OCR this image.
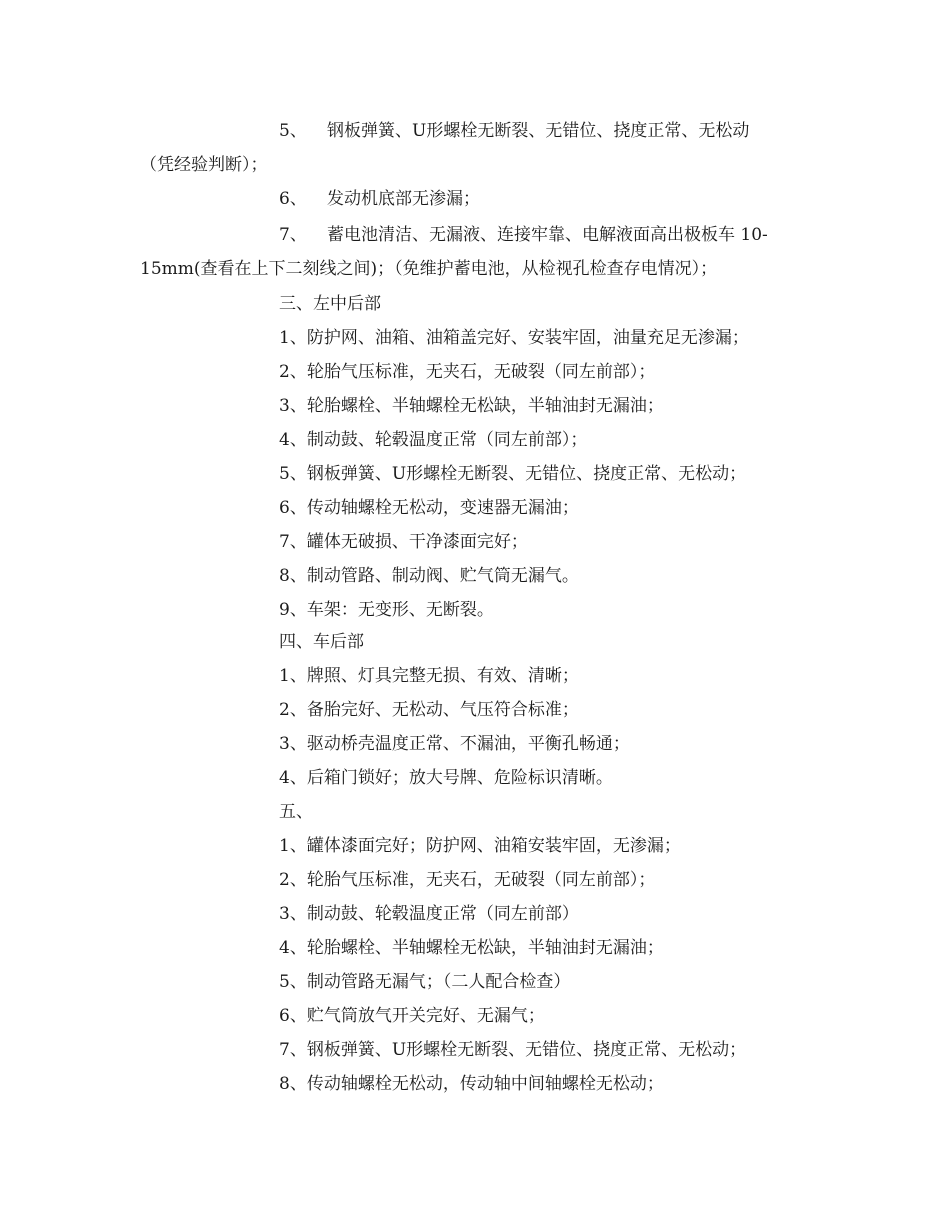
5、 钢板弹簧、U形螺栓无断裂、无错位、挠度正常、无松动
（凭经验判断）；
6、 发动机底部无渗漏；
7、 蓄电池清洁、无漏液、连接牢靠、电解液面高出极板车 10-
15mm(查看在上下二刻线之间)；（免维护蓄电池，从检视孔检查存电情况）；
三、左中后部
1、防护网、油箱、油箱盖完好、安装牢固，油量充足无渗漏；
2、轮胎气压标准，无夹石，无破裂（同左前部）；
3、轮胎螺栓、半轴螺栓无松缺，半轴油封无漏油；
4、制动鼓、轮毂温度正常（同左前部）；
5、钢板弹簧、U形螺栓无断裂、无错位、挠度正常、无松动；
6、传动轴螺栓无松动，变速器无漏油；
7、罐体无破损、干净漆面完好；
8、制动管路、制动阀、贮气筒无漏气。
9、车架：无变形、无断裂。
四、车后部
1、牌照、灯具完整无损、有效、清晰；
2、备胎完好、无松动、气压符合标准；
3、驱动桥壳温度正常、不漏油，平衡孔畅通；
4、后箱门锁好；放大号牌、危险标识清晰。
五、
1、罐体漆面完好；防护网、油箱安装牢固，无渗漏；
2、轮胎气压标准，无夹石，无破裂（同左前部）；
3、制动鼓、轮毂温度正常（同左前部）
4、轮胎螺栓、半轴螺栓无松缺，半轴油封无漏油；
5、制动管路无漏气；（二人配合检查）
6、贮气筒放气开关完好、无漏气；
7、钢板弹簧、U形螺栓无断裂、无错位、挠度正常、无松动；
8、传动轴螺栓无松动，传动轴中间轴螺栓无松动；
